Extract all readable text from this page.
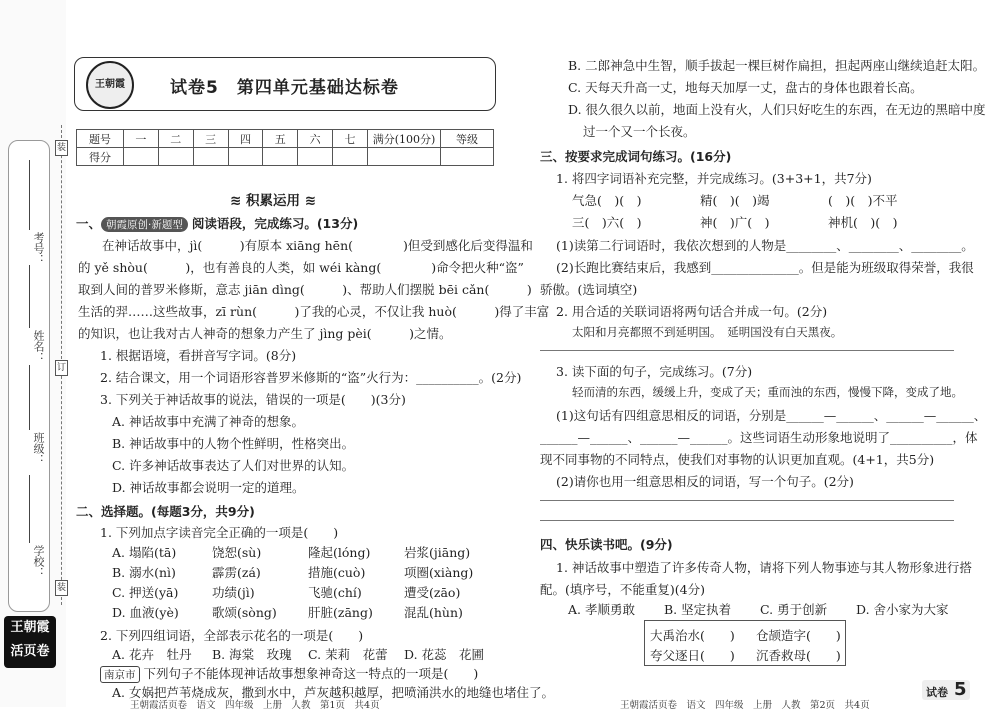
考号：
姓名：
班级：
学校：
装
订
装
王朝霞
活页卷
王朝霞	试卷5　第四单元基础达标卷
题号	一	二	三	四	五	六	七	满分(100分)	等级
得分									
≋ 积累运用 ≋
一、 朝霞原创·新题型 阅读语段，完成练习。(13分)
在神话故事中，jì(　　　)有原本 xiāng hēn(　　　　)但受到感化后变得温和
的 yě shòu(　　　)，也有善良的人类，如 wéi kàng(　　　　)命令把火种“盗”
取到人间的普罗米修斯，意志 jiān dìng(　　　)、帮助人们摆脱 bēi cǎn(　　　)
生活的羿……这些故事，zī rùn(　　　)了我的心灵，不仅让我 huò(　　　)得了丰富
的知识，也让我对古人神奇的想象力产生了 jìng pèi(　　　)之情。
1. 根据语境，看拼音写字词。(8分)
2. 结合课文，用一个词语形容普罗米修斯的“盗”火行为：__________。(2分)
3. 下列关于神话故事的说法，错误的一项是(　　)(3分)
A. 神话故事中充满了神奇的想象。
B. 神话故事中的人物个性鲜明，性格突出。
C. 许多神话故事表达了人们对世界的认知。
D. 神话故事都会说明一定的道理。
二、选择题。(每题3分，共9分)
1. 下列加点字读音完全正确的一项是(　　)
A. 塌陷(tā)	饶恕(sù)	隆起(lóng)	岩浆(jiāng)
B. 溺水(nì)	霹雳(zá)	措施(cuò)	项圈(xiàng)
C. 押送(yā)	功绩(jì)	飞驰(chí)	遭受(zāo)
D. 血液(yè)	歌颂(sòng)	肝脏(zāng) 混乱(hùn)
2. 下列四组词语，全部表示花名的一项是(　　)
A. 花卉　牡丹 B. 海棠　玫瑰 C. 茉莉　花蕾 D. 花蕊　花圃
王朝霞活页卷　语文　四年级　上册　人教　第1页　共4页
B. 二郎神急中生智，顺手拔起一棵巨树作扁担，担起两座山继续追赶太阳。
C. 天每天升高一丈，地每天加厚一丈，盘古的身体也跟着长高。
D. 很久很久以前，地面上没有火，人们只好吃生的东西，在无边的黑暗中度
过一个又一个长夜。
三、按要求完成词句练习。(16分)
1. 将四字词语补充完整，并完成练习。(3+3+1，共7分)
气急(　)(　)	精(　)(　)竭	(　)(　)不平
三(　)六(　)	神(　)广(　)	神机(　)(　)
(1)读第二行词语时，我依次想到的人物是________、________、________。
(2)长跑比赛结束后，我感到______________。但是能为班级取得荣誉，我很
骄傲。(选词填空)
2. 用合适的关联词语将两句话合并成一句。(2分)
太阳和月亮都照不到延明国。　延明国没有白天黑夜。
3. 读下面的句子，完成练习。(7分)
轻而清的东西，缓缓上升，变成了天；重而浊的东西，慢慢下降，变成了地。
(1)这句话有四组意思相反的词语，分别是______—______、______—______、
______—______、______—______。这些词语生动形象地说明了__________，体
现不同事物的不同特点，使我们对事物的认识更加直观。(4+1，共5分)
(2)请你也用一组意思相反的词语，写一个句子。(2分)
四、快乐读书吧。(9分)
1. 神话故事中塑造了许多传奇人物，请将下列人物事迹与其人物形象进行搭
配。(填序号，不能重复)(4分)
A. 孝顺勇敢 B. 坚定执着 C. 勇于创新 D. 舍小家为大家
大禹治水(　　) 仓颉造字(　　)
夸父逐日(　　) 沉香救母(　　)
王朝霞活页卷　语文　四年级　上册　人教　第2页　共4页
试卷 5
南京市 下列句子不能体现神话故事想象神奇这一特点的一项是(　　)
A. 女娲把芦苇烧成灰，撒到水中，芦灰越积越厚，把喷涌洪水的地缝也堵住了。
